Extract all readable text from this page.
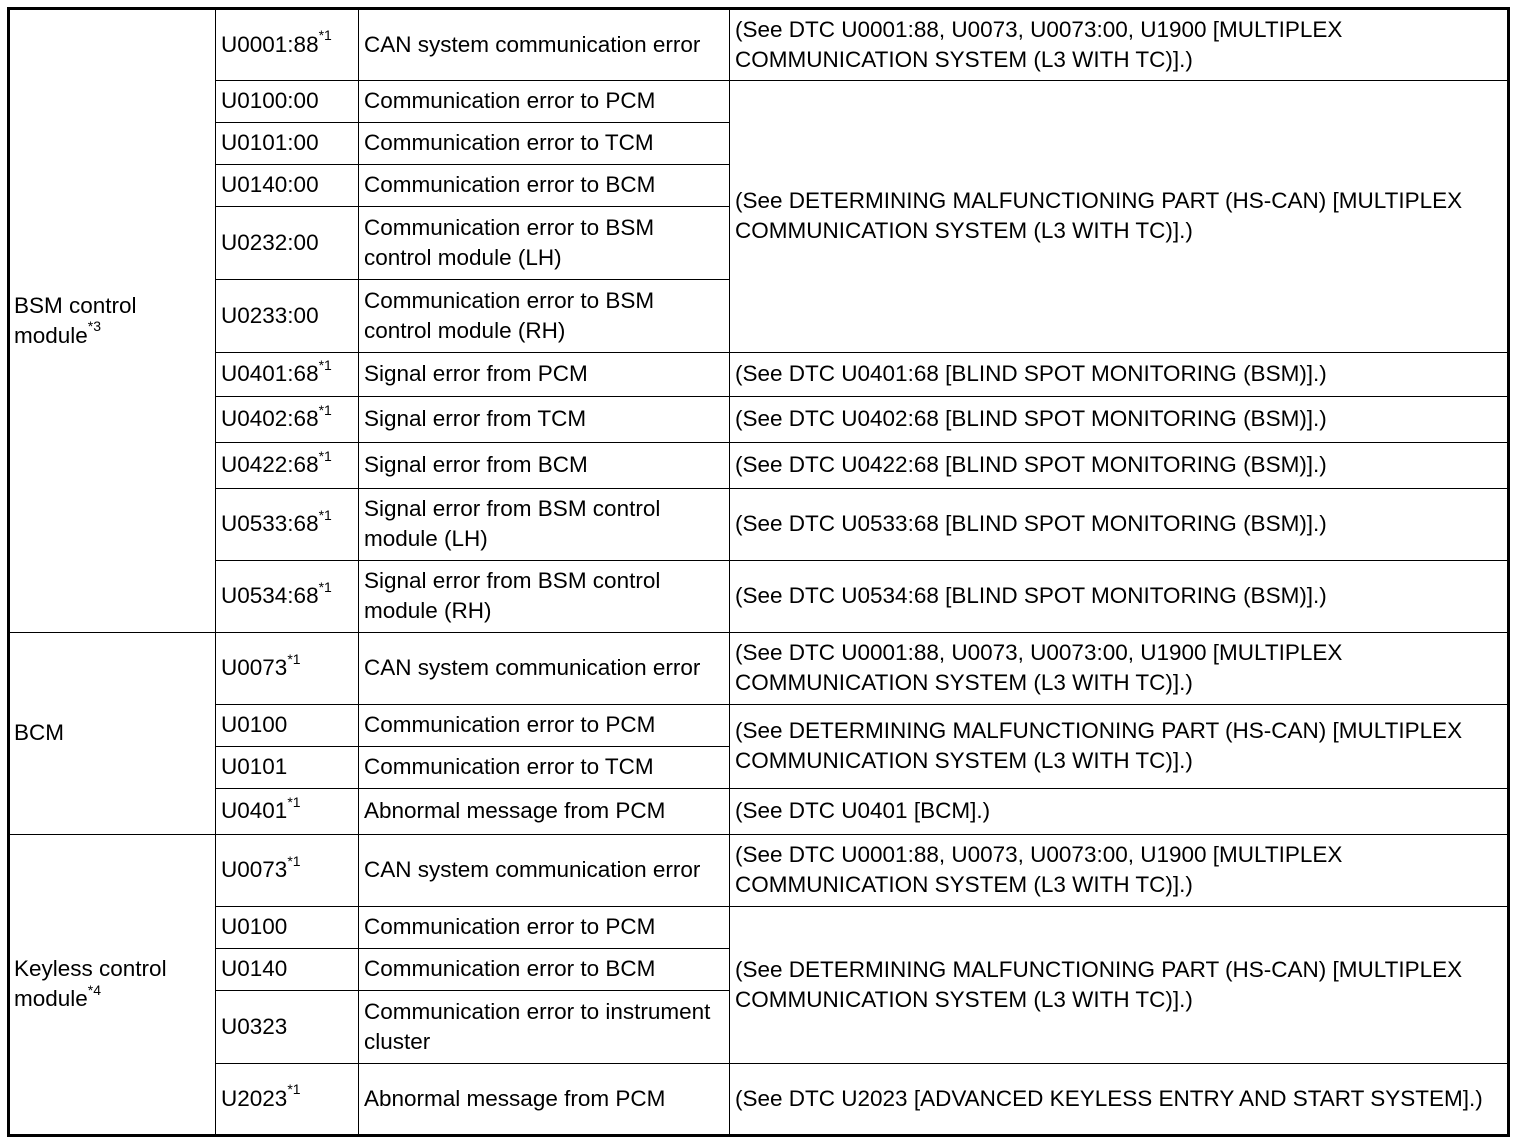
BSM control module$^{*3}$	U0001:88$^{*1}$	CAN system communication error	(See DTC U0001:88, U0073, U0073:00, U1900 [MULTIPLEX COMMUNICATION SYSTEM (L3 WITH TC)].)
	U0100:00	Communication error to PCM	(See DETERMINING MALFUNCTIONING PART (HS-CAN) [MULTIPLEX COMMUNICATION SYSTEM (L3 WITH TC)].)
	U0101:00	Communication error to TCM	
	U0140:00	Communication error to BCM	
	U0232:00	Communication error to BSM control module (LH)	
	U0233:00	Communication error to BSM control module (RH)	
	U0401:68$^{*1}$	Signal error from PCM	(See DTC U0401:68 [BLIND SPOT MONITORING (BSM)].)
	U0402:68$^{*1}$	Signal error from TCM	(See DTC U0402:68 [BLIND SPOT MONITORING (BSM)].)
	U0422:68$^{*1}$	Signal error from BCM	(See DTC U0422:68 [BLIND SPOT MONITORING (BSM)].)
	U0533:68$^{*1}$	Signal error from BSM control module (LH)	(See DTC U0533:68 [BLIND SPOT MONITORING (BSM)].)
	U0534:68$^{*1}$	Signal error from BSM control module (RH)	(See DTC U0534:68 [BLIND SPOT MONITORING (BSM)].)
BCM	U0073$^{*1}$	CAN system communication error	(See DTC U0001:88, U0073, U0073:00, U1900 [MULTIPLEX COMMUNICATION SYSTEM (L3 WITH TC)].)
	U0100	Communication error to PCM	(See DETERMINING MALFUNCTIONING PART (HS-CAN) [MULTIPLEX COMMUNICATION SYSTEM (L3 WITH TC)].)
	U0101	Communication error to TCM	
	U0401$^{*1}$	Abnormal message from PCM	(See DTC U0401 [BCM].)
Keyless control module$^{*4}$	U0073$^{*1}$	CAN system communication error	(See DTC U0001:88, U0073, U0073:00, U1900 [MULTIPLEX COMMUNICATION SYSTEM (L3 WITH TC)].)
	U0100	Communication error to PCM	(See DETERMINING MALFUNCTIONING PART (HS-CAN) [MULTIPLEX COMMUNICATION SYSTEM (L3 WITH TC)].)
	U0140	Communication error to BCM	
	U0323	Communication error to instrument cluster	
	U2023$^{*1}$	Abnormal message from PCM	(See DTC U2023 [ADVANCED KEYLESS ENTRY AND START SYSTEM].)
